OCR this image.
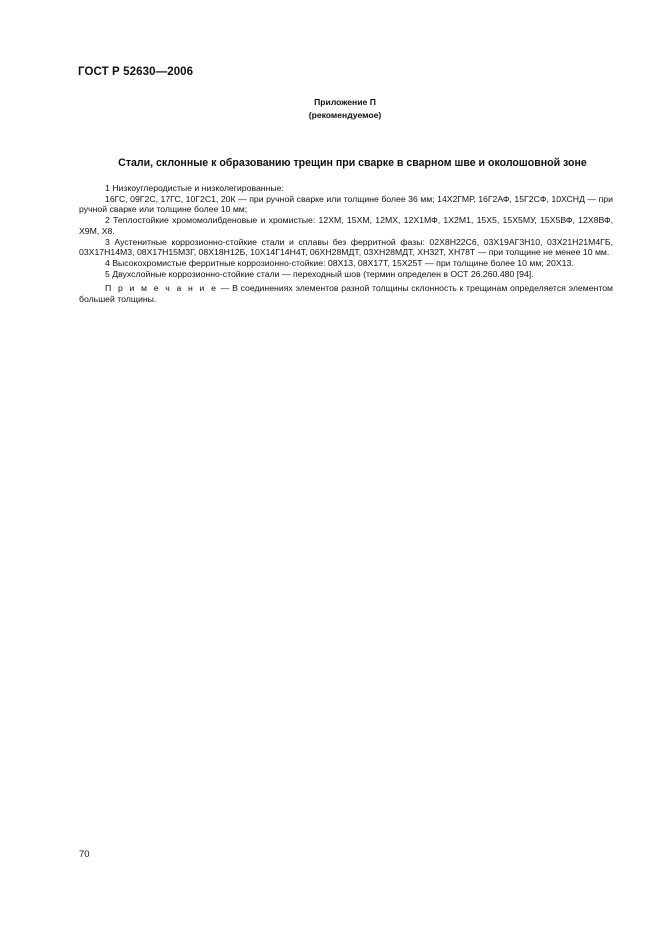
ГОСТ Р 52630—2006
Приложение П
(рекомендуемое)
Стали, склонные к образованию трещин при сварке в сварном шве и околошовной зоне

1 Низкоуглеродистые и низколегированные:

16ГС, 09Г2С, 17ГС, 10Г2С1, 20К — при ручной сварке или толщине более 36 мм; 14Х2ГМР, 16Г2АФ, 15Г2СФ, 10ХСНД — при ручной сварке или толщине более 10 мм;

2 Теплостойкие хромомолибденовые и хромистые: 12ХМ, 15ХМ, 12МХ, 12Х1МФ, 1Х2М1, 15Х5, 15Х5МУ, 15Х5ВФ, 12Х8ВФ, Х9М, Х8.

3 Аустенитные коррозионно-стойкие стали и сплавы без ферритной фазы: 02Х8Н22С6, 03Х19АГ3Н10, 03Х21Н21М4ГБ, 03Х17Н14М3, 08Х17Н15М3Г, 08Х18Н12Б, 10Х14Г14Н4Т, 06ХН28МДТ, 03ХН28МДТ, ХН32Т, ХН78Т — при толщине не менее 10 мм.

4 Высокохромистые ферритные коррозионно-стойкие: 08Х13, 08Х17Т, 15Х25Т — при толщине более 10 мм; 20Х13.

5 Двухслойные коррозионно-стойкие стали — переходный шов (термин определен в ОСТ 26.260.480 [94].

П р и м е ч а н и е — В соединениях элементов разной толщины склонность к трещинам определяется элементом большей толщины.

70
